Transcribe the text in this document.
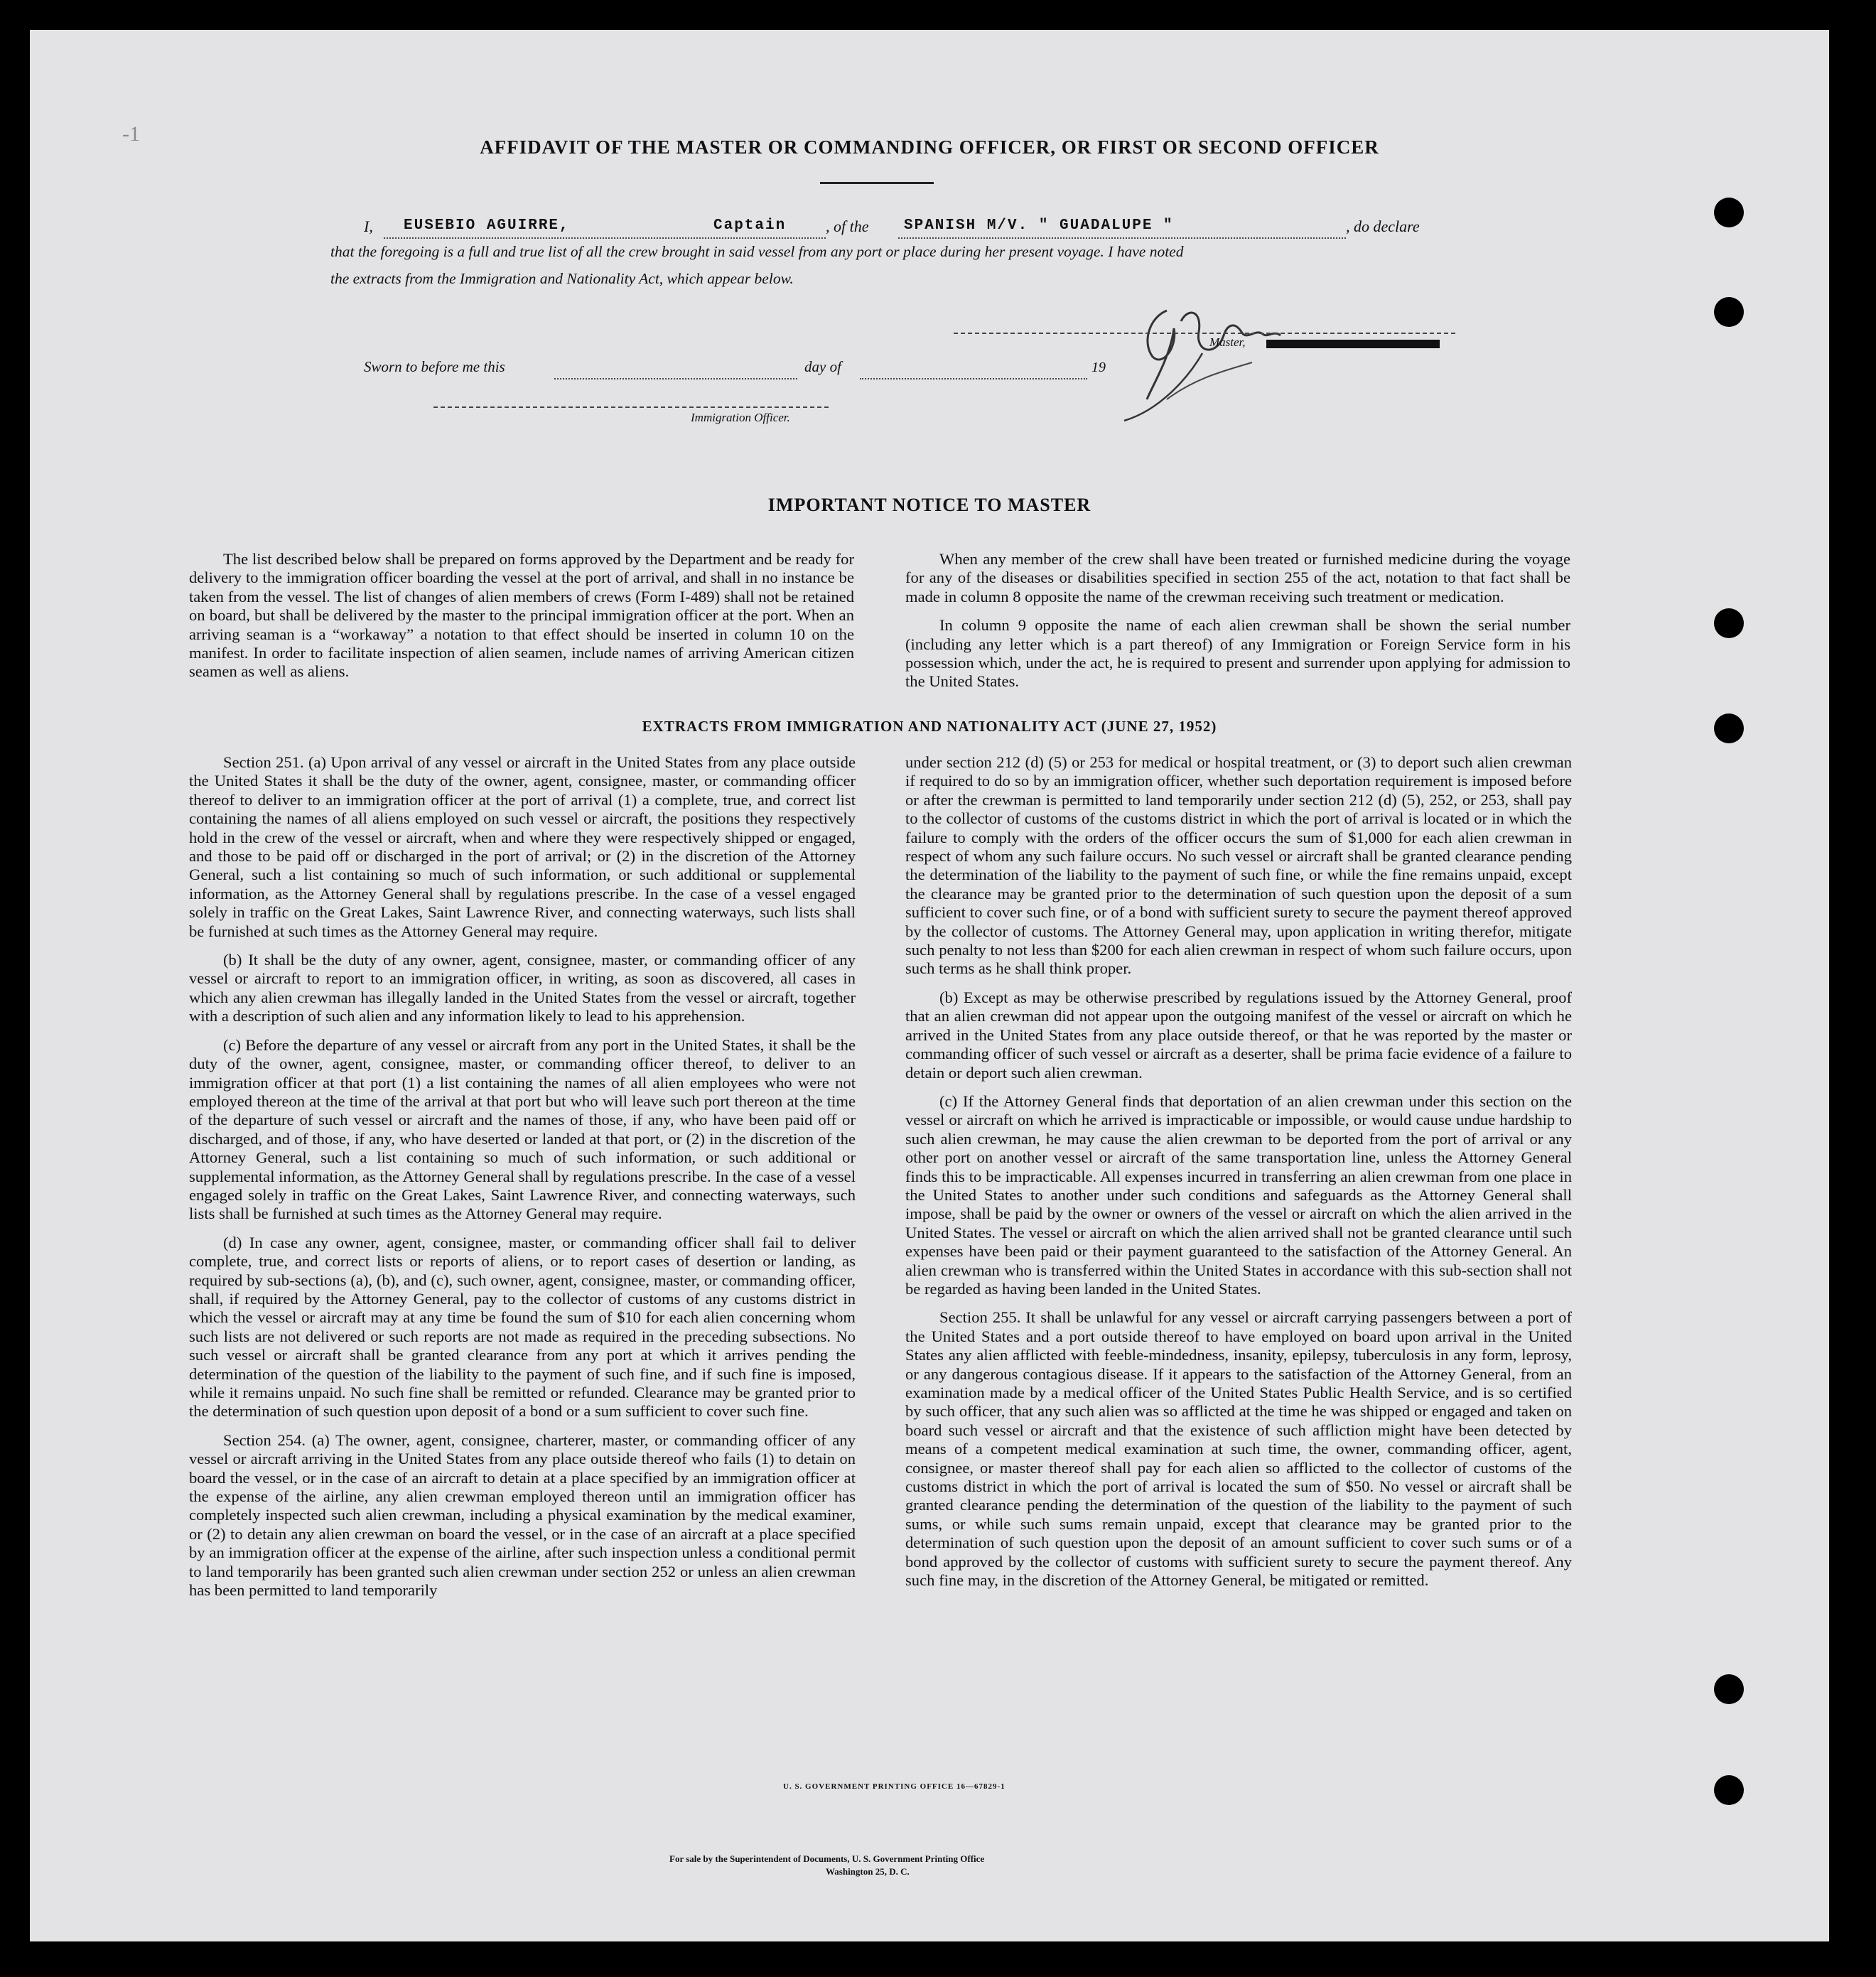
-1
AFFIDAVIT OF THE MASTER OR COMMANDING OFFICER, OR FIRST OR SECOND OFFICER
I, EUSEBIO AGUIRRE,	Captain	, of the SPANISH M/V. " GUADALUPE "	, do declare
that the foregoing is a full and true list of all the crew brought in said vessel from any port or place during her present voyage. I have noted
the extracts from the Immigration and Nationality Act, which appear below.
Master,
Sworn to before me this	day of	19
Immigration Officer.
IMPORTANT NOTICE TO MASTER

The list described below shall be prepared on forms approved by the Department and be ready for delivery to the immigration officer boarding the vessel at the port of arrival, and shall in no instance be taken from the vessel. The list of changes of alien members of crews (Form I-489) shall not be retained on board, but shall be delivered by the master to the principal immigration officer at the port. When an arriving seaman is a “workaway” a notation to that effect should be inserted in column 10 on the manifest. In order to facilitate inspection of alien seamen, include names of arriving American citizen seamen as well as aliens.

When any member of the crew shall have been treated or furnished medicine during the voyage for any of the diseases or disabilities specified in section 255 of the act, notation to that fact shall be made in column 8 opposite the name of the crewman receiving such treatment or medication.

In column 9 opposite the name of each alien crewman shall be shown the serial number (including any letter which is a part thereof) of any Immigration or Foreign Service form in his possession which, under the act, he is required to present and surrender upon applying for admission to the United States.

EXTRACTS FROM IMMIGRATION AND NATIONALITY ACT (JUNE 27, 1952)

Section 251. (a) Upon arrival of any vessel or aircraft in the United States from any place outside the United States it shall be the duty of the owner, agent, consignee, master, or commanding officer thereof to deliver to an immigration officer at the port of arrival (1) a complete, true, and correct list containing the names of all aliens employed on such vessel or aircraft, the positions they respectively hold in the crew of the vessel or aircraft, when and where they were respectively shipped or engaged, and those to be paid off or discharged in the port of arrival; or (2) in the discretion of the Attorney General, such a list containing so much of such information, or such additional or supplemental information, as the Attorney General shall by regulations prescribe. In the case of a vessel engaged solely in traffic on the Great Lakes, Saint Lawrence River, and connecting waterways, such lists shall be furnished at such times as the Attorney General may require.

(b) It shall be the duty of any owner, agent, consignee, master, or commanding officer of any vessel or aircraft to report to an immigration officer, in writing, as soon as discovered, all cases in which any alien crewman has illegally landed in the United States from the vessel or aircraft, together with a description of such alien and any information likely to lead to his apprehension.

(c) Before the departure of any vessel or aircraft from any port in the United States, it shall be the duty of the owner, agent, consignee, master, or commanding officer thereof, to deliver to an immigration officer at that port (1) a list containing the names of all alien employees who were not employed thereon at the time of the arrival at that port but who will leave such port thereon at the time of the departure of such vessel or aircraft and the names of those, if any, who have been paid off or discharged, and of those, if any, who have deserted or landed at that port, or (2) in the discretion of the Attorney General, such a list containing so much of such information, or such additional or supplemental information, as the Attorney General shall by regulations prescribe. In the case of a vessel engaged solely in traffic on the Great Lakes, Saint Lawrence River, and connecting waterways, such lists shall be furnished at such times as the Attorney General may require.

(d) In case any owner, agent, consignee, master, or commanding officer shall fail to deliver complete, true, and correct lists or reports of aliens, or to report cases of desertion or landing, as required by sub-sections (a), (b), and (c), such owner, agent, consignee, master, or commanding officer, shall, if required by the Attorney General, pay to the collector of customs of any customs district in which the vessel or aircraft may at any time be found the sum of $10 for each alien concerning whom such lists are not delivered or such reports are not made as required in the preceding subsections. No such vessel or aircraft shall be granted clearance from any port at which it arrives pending the determination of the question of the liability to the payment of such fine, and if such fine is imposed, while it remains unpaid. No such fine shall be remitted or refunded. Clearance may be granted prior to the determination of such question upon deposit of a bond or a sum sufficient to cover such fine.

Section 254. (a) The owner, agent, consignee, charterer, master, or commanding officer of any vessel or aircraft arriving in the United States from any place outside thereof who fails (1) to detain on board the vessel, or in the case of an aircraft to detain at a place specified by an immigration officer at the expense of the airline, any alien crewman employed thereon until an immigration officer has completely inspected such alien crewman, including a physical examination by the medical examiner, or (2) to detain any alien crewman on board the vessel, or in the case of an aircraft at a place specified by an immigration officer at the expense of the airline, after such inspection unless a conditional permit to land temporarily has been granted such alien crewman under section 252 or unless an alien crewman has been permitted to land temporarily

under section 212 (d) (5) or 253 for medical or hospital treatment, or (3) to deport such alien crewman if required to do so by an immigration officer, whether such deportation requirement is imposed before or after the crewman is permitted to land temporarily under section 212 (d) (5), 252, or 253, shall pay to the collector of customs of the customs district in which the port of arrival is located or in which the failure to comply with the orders of the officer occurs the sum of $1,000 for each alien crewman in respect of whom any such failure occurs. No such vessel or aircraft shall be granted clearance pending the determination of the liability to the payment of such fine, or while the fine remains unpaid, except the clearance may be granted prior to the determination of such question upon the deposit of a sum sufficient to cover such fine, or of a bond with sufficient surety to secure the payment thereof approved by the collector of customs. The Attorney General may, upon application in writing therefor, mitigate such penalty to not less than $200 for each alien crewman in respect of whom such failure occurs, upon such terms as he shall think proper.

(b) Except as may be otherwise prescribed by regulations issued by the Attorney General, proof that an alien crewman did not appear upon the outgoing manifest of the vessel or aircraft on which he arrived in the United States from any place outside thereof, or that he was reported by the master or commanding officer of such vessel or aircraft as a deserter, shall be prima facie evidence of a failure to detain or deport such alien crewman.

(c) If the Attorney General finds that deportation of an alien crewman under this section on the vessel or aircraft on which he arrived is impracticable or impossible, or would cause undue hardship to such alien crewman, he may cause the alien crewman to be deported from the port of arrival or any other port on another vessel or aircraft of the same transportation line, unless the Attorney General finds this to be impracticable. All expenses incurred in transferring an alien crewman from one place in the United States to another under such conditions and safeguards as the Attorney General shall impose, shall be paid by the owner or owners of the vessel or aircraft on which the alien arrived in the United States. The vessel or aircraft on which the alien arrived shall not be granted clearance until such expenses have been paid or their payment guaranteed to the satisfaction of the Attorney General. An alien crewman who is transferred within the United States in accordance with this sub-section shall not be regarded as having been landed in the United States.

Section 255. It shall be unlawful for any vessel or aircraft carrying passengers between a port of the United States and a port outside thereof to have employed on board upon arrival in the United States any alien afflicted with feeble-mindedness, insanity, epilepsy, tuberculosis in any form, leprosy, or any dangerous contagious disease. If it appears to the satisfaction of the Attorney General, from an examination made by a medical officer of the United States Public Health Service, and is so certified by such officer, that any such alien was so afflicted at the time he was shipped or engaged and taken on board such vessel or aircraft and that the existence of such affliction might have been detected by means of a competent medical examination at such time, the owner, commanding officer, agent, consignee, or master thereof shall pay for each alien so afflicted to the collector of customs of the customs district in which the port of arrival is located the sum of $50. No vessel or aircraft shall be granted clearance pending the determination of the question of the liability to the payment of such sums, or while such sums remain unpaid, except that clearance may be granted prior to the determination of such question upon the deposit of an amount sufficient to cover such sums or of a bond approved by the collector of customs with sufficient surety to secure the payment thereof. Any such fine may, in the discretion of the Attorney General, be mitigated or remitted.

U. S. GOVERNMENT PRINTING OFFICE 16—67829-1
For sale by the Superintendent of Documents, U. S. Government Printing Office
Washington 25, D. C.
